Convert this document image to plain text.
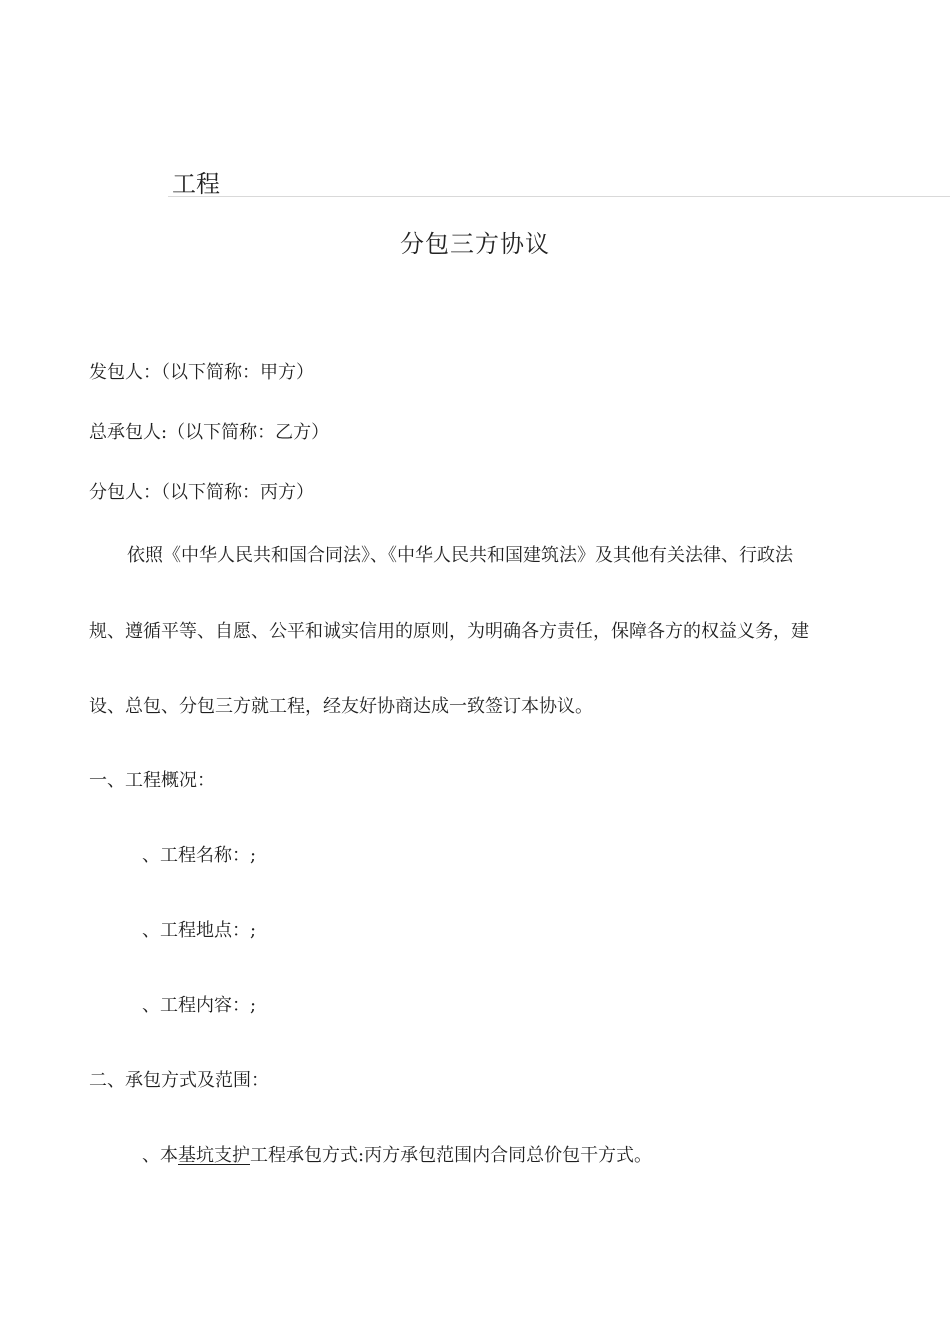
工程
分包三方协议
发包人：（以下简称：甲方）
总承包人:（以下简称：乙方）
分包人：（以下简称：丙方）
依照《中华人民共和国合同法》、《中华人民共和国建筑法》及其他有关法律、行政法
规、遵循平等、自愿、公平和诚实信用的原则，为明确各方责任，保障各方的权益义务，建
设、总包、分包三方就工程，经友好协商达成一致签订本协议。
一、工程概况：
、工程名称：;
、工程地点：;
、工程内容：;
二、承包方式及范围：
、本基坑支护工程承包方式:丙方承包范围内合同总价包干方式。
